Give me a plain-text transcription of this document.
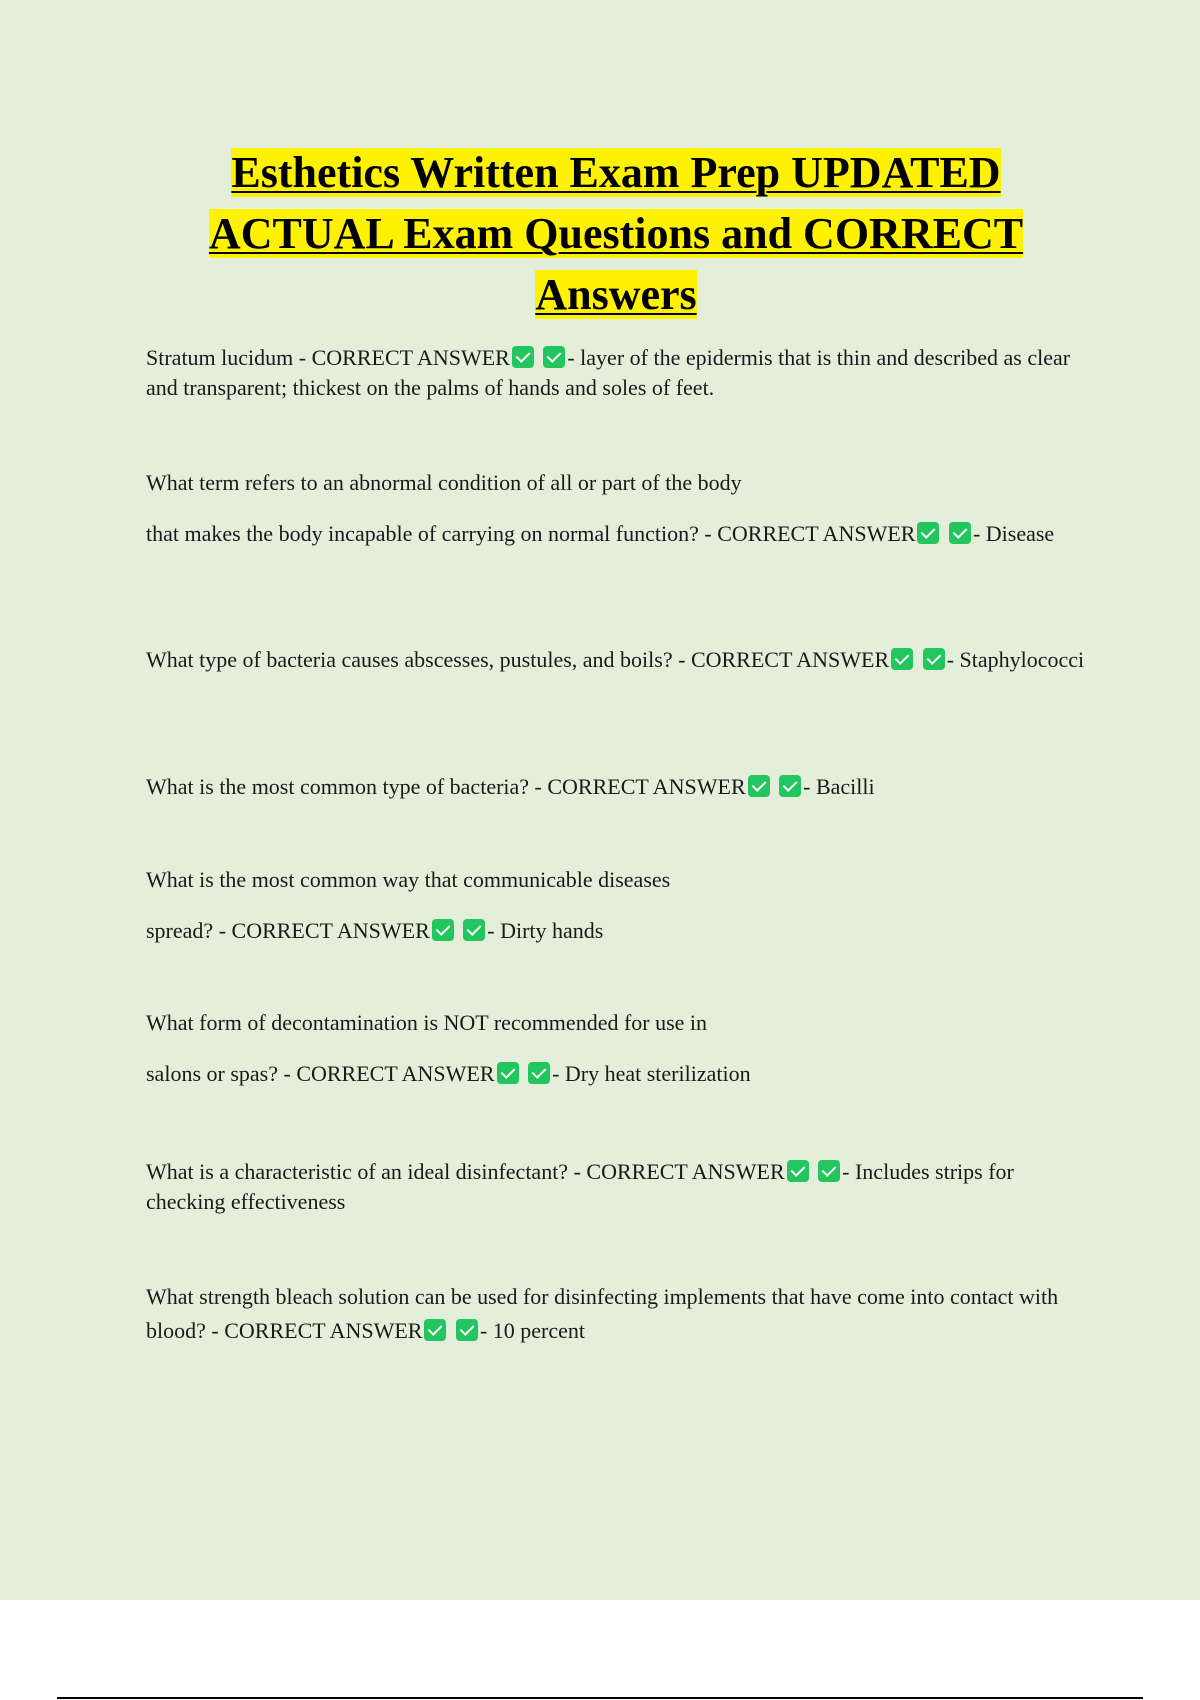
Esthetics Written Exam Prep UPDATED ACTUAL Exam Questions and CORRECT Answers

Stratum lucidum - CORRECT ANSWER	- layer of the epidermis that is thin and described as clear and transparent; thickest on the palms of hands and soles of feet.

What term refers to an abnormal condition of all or part of the body

that makes the body incapable of carrying on normal function? - CORRECT ANSWER	- Disease

What type of bacteria causes abscesses, pustules, and boils? - CORRECT ANSWER	- Staphylococci

What is the most common type of bacteria? - CORRECT ANSWER	- Bacilli

What is the most common way that communicable diseases

spread? - CORRECT ANSWER	- Dirty hands

What form of decontamination is NOT recommended for use in

salons or spas? - CORRECT ANSWER	- Dry heat sterilization

What is a characteristic of an ideal disinfectant? - CORRECT ANSWER	- Includes strips for checking effectiveness

What strength bleach solution can be used for disinfecting implements that have come into contact with blood? - CORRECT ANSWER	- 10 percent
